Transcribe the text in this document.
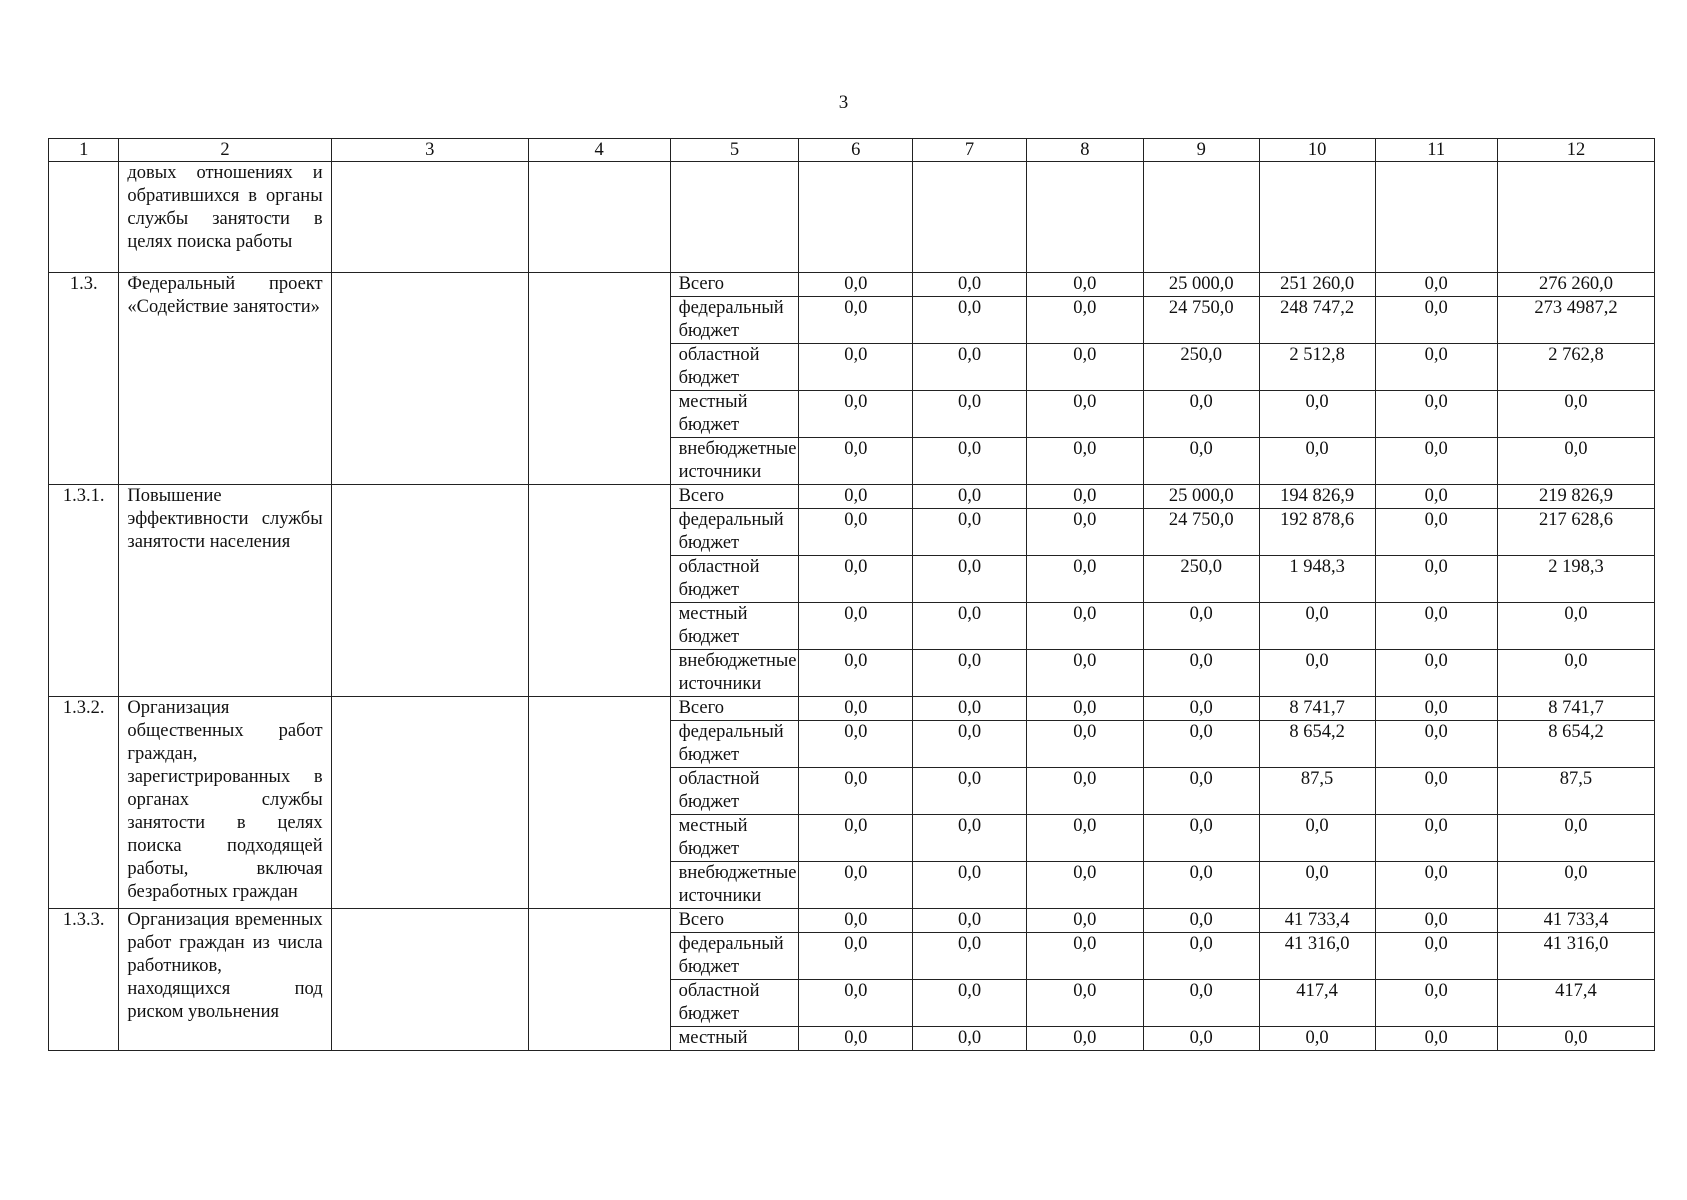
3
1	2	3	4	5	6	7	8	9	10	11	12

	довых отношениях и обратившихся в органы службы занятости в целях поиска работы										

1.3.	Федеральный проект «Содействие занятости»			Всего	0,0	0,0	0,0	25 000,0	251 260,0	0,0	276 260,0

				федеральный бюджет	0,0	0,0	0,0	24 750,0	248 747,2	0,0	273 4987,2

				областной бюджет	0,0	0,0	0,0	250,0	2 512,8	0,0	2 762,8

				местный бюджет	0,0	0,0	0,0	0,0	0,0	0,0	0,0

				внебюджетные источники	0,0	0,0	0,0	0,0	0,0	0,0	0,0
1.3.1.	Повышение эффективности службы занятости населения			Всего	0,0	0,0	0,0	25 000,0	194 826,9	0,0	219 826,9

				федеральный бюджет	0,0	0,0	0,0	24 750,0	192 878,6	0,0	217 628,6

				областной бюджет	0,0	0,0	0,0	250,0	1 948,3	0,0	2 198,3

				местный бюджет	0,0	0,0	0,0	0,0	0,0	0,0	0,0

				внебюджетные источники	0,0	0,0	0,0	0,0	0,0	0,0	0,0
1.3.2.	Организация общественных работ граждан, зарегистрированных в органах службы занятости в целях поиска подходящей работы, включая безработных граждан			Всего	0,0	0,0	0,0	0,0	8 741,7	0,0	8 741,7

				федеральный бюджет	0,0	0,0	0,0	0,0	8 654,2	0,0	8 654,2

				областной бюджет	0,0	0,0	0,0	0,0	87,5	0,0	87,5

				местный бюджет	0,0	0,0	0,0	0,0	0,0	0,0	0,0

				внебюджетные источники	0,0	0,0	0,0	0,0	0,0	0,0	0,0
1.3.3.	Организация временных работ граждан из числа работников, находящихся под риском увольнения			Всего	0,0	0,0	0,0	0,0	41 733,4	0,0	41 733,4

				федеральный бюджет	0,0	0,0	0,0	0,0	41 316,0	0,0	41 316,0

				областной бюджет	0,0	0,0	0,0	0,0	417,4	0,0	417,4

				местный	0,0	0,0	0,0	0,0	0,0	0,0	0,0
